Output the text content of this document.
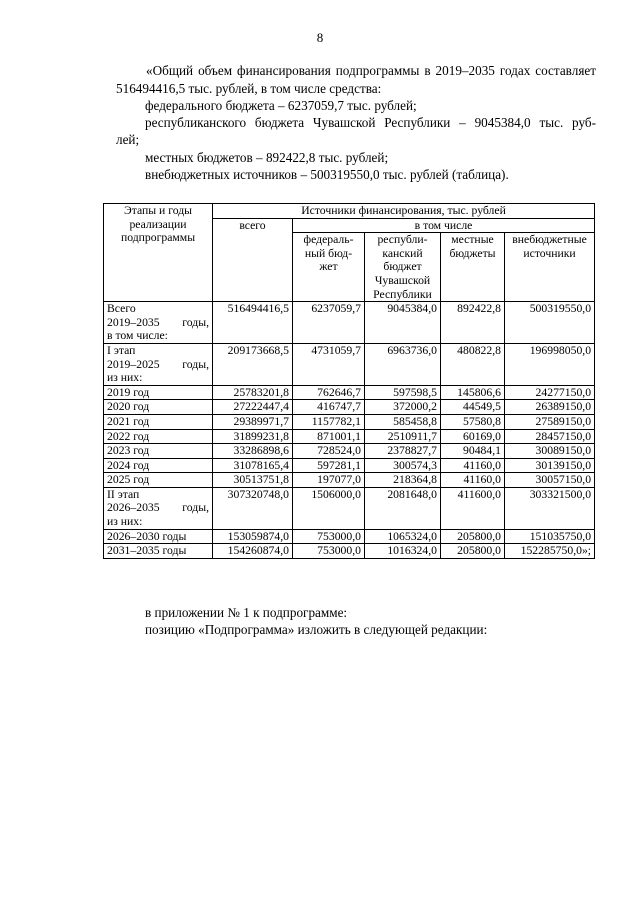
8

«Общий объем финансирования подпрограммы в 2019–2035 годах составляет 516494416,5 тыс. рублей, в том числе средства:

федерального бюджета – 6237059,7 тыс. рублей;
республиканского бюджета Чувашской Республики – 9045384,0 тыс. руб-
лей;
местных бюджетов – 892422,8 тыс. рублей;
внебюджетных источников – 500319550,0 тыс. рублей (таблица).
Этапы и годы реализации подпрограммы	Источники финансирования, тыс. рублей				
	всего	в том числе			
		федераль-ный бюд-жет	республи-канский бюджет Чувашской Республики	местные бюджеты	внебюджетные источники

Всего
2019–2035 годы,
в том числе:	516494416,5	6237059,7	9045384,0	892422,8	500319550,0

I этап
2019–2025 годы,
из них:	209173668,5	4731059,7	6963736,0	480822,8	196998050,0

2019 год	25783201,8	762646,7	597598,5	145806,6	24277150,0

2020 год	27222447,4	416747,7	372000,2	44549,5	26389150,0

2021 год	29389971,7	1157782,1	585458,8	57580,8	27589150,0

2022 год	31899231,8	871001,1	2510911,7	60169,0	28457150,0

2023 год	33286898,6	728524,0	2378827,7	90484,1	30089150,0

2024 год	31078165,4	597281,1	300574,3	41160,0	30139150,0

2025 год	30513751,8	197077,0	218364,8	41160,0	30057150,0

II этап
2026–2035 годы,
из них:	307320748,0	1506000,0	2081648,0	411600,0	303321500,0

2026–2030 годы	153059874,0	753000,0	1065324,0	205800,0	151035750,0

2031–2035 годы	154260874,0	753000,0	1016324,0	205800,0	152285750,0»;
в приложении № 1 к подпрограмме:
позицию «Подпрограмма» изложить в следующей редакции:
